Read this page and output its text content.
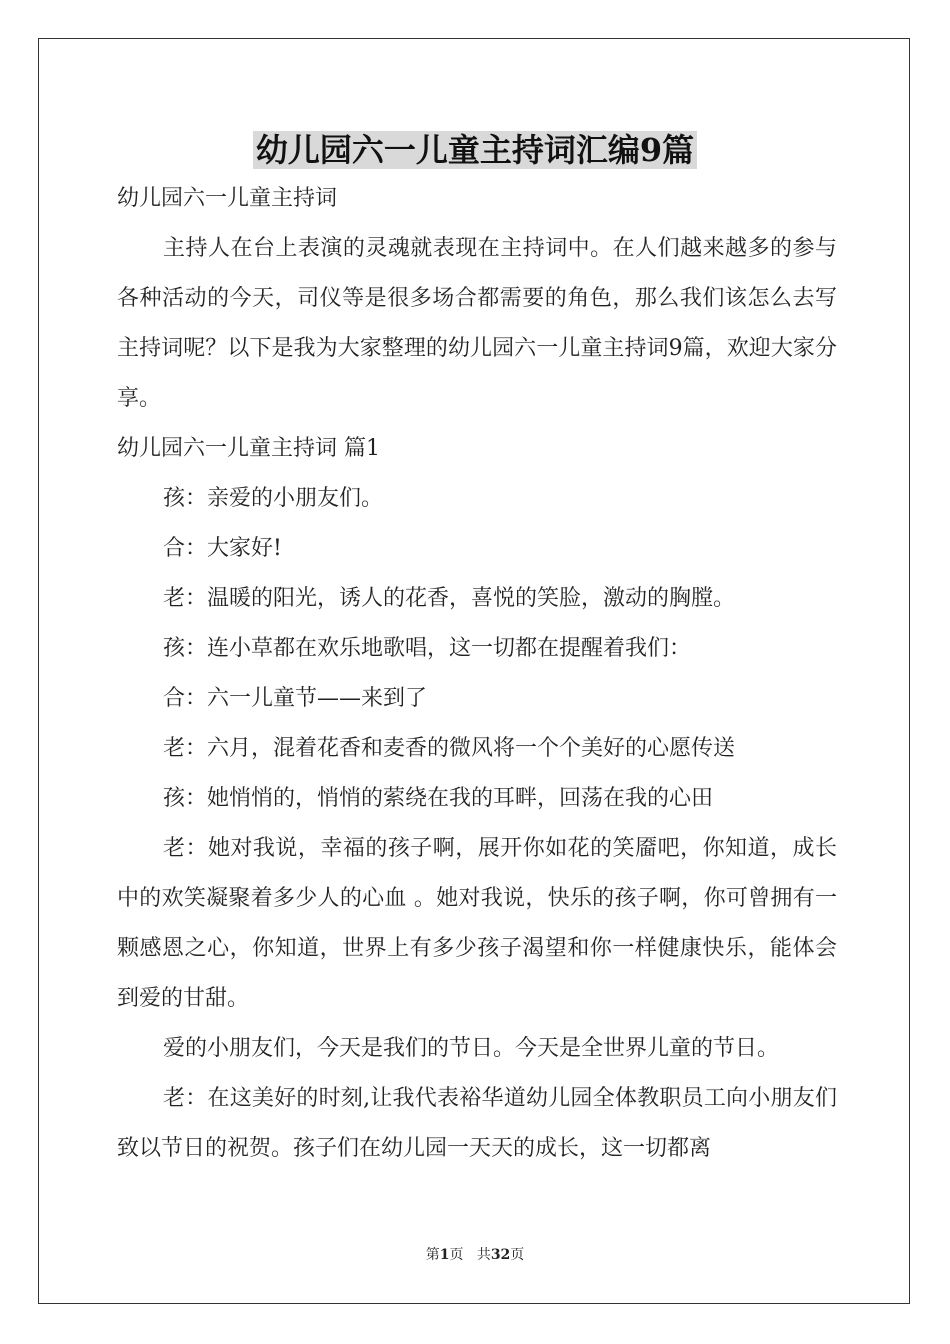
幼儿园六一儿童主持词汇编9篇

幼儿园六一儿童主持词

主持人在台上表演的灵魂就表现在主持词中。在人们越来越多的参与各种活动的今天，司仪等是很多场合都需要的角色，那么我们该怎么去写主持词呢？以下是我为大家整理的幼儿园六一儿童主持词9篇，欢迎大家分享。

幼儿园六一儿童主持词 篇1

孩：亲爱的小朋友们。

合：大家好!

老：温暖的阳光，诱人的花香，喜悦的笑脸，激动的胸膛。

孩：连小草都在欢乐地歌唱，这一切都在提醒着我们：

合：六一儿童节——来到了

老：六月，混着花香和麦香的微风将一个个美好的心愿传送

孩：她悄悄的，悄悄的萦绕在我的耳畔，回荡在我的心田

老：她对我说，幸福的孩子啊，展开你如花的笑靥吧，你知道，成长中的欢笑凝聚着多少人的心血 。她对我说，快乐的孩子啊，你可曾拥有一颗感恩之心，你知道，世界上有多少孩子渴望和你一样健康快乐，能体会到爱的甘甜。

爱的小朋友们，今天是我们的节日。今天是全世界儿童的节日。

老：在这美好的时刻,让我代表裕华道幼儿园全体教职员工向小朋友们致以节日的祝贺。孩子们在幼儿园一天天的成长，这一切都离

第1页 共32页
